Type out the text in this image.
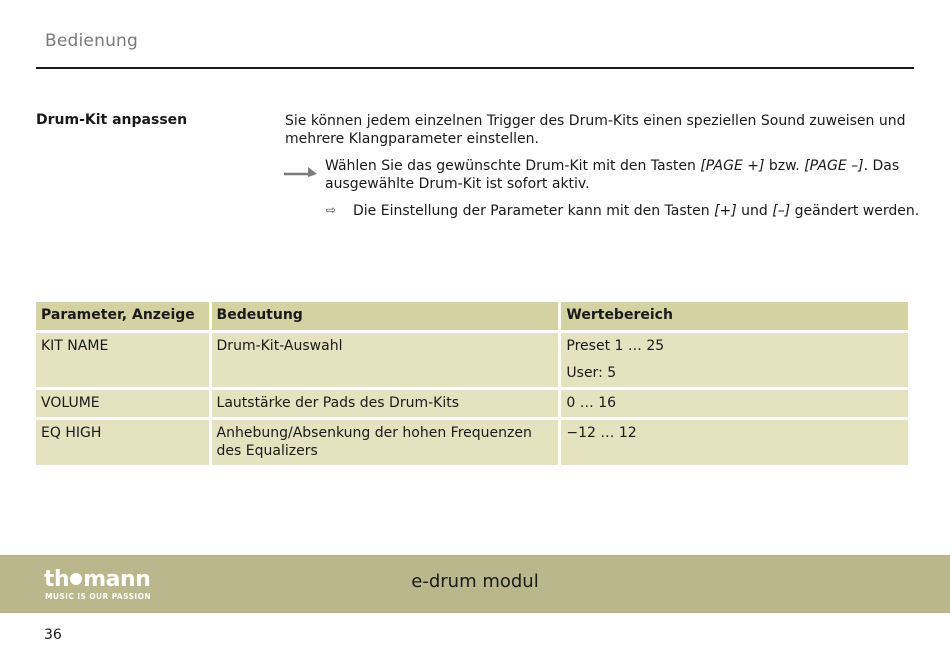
Bedienung
Drum-Kit anpassen	Sie können jedem einzelnen Trigger des Drum-Kits einen speziellen Sound zuweisen und mehrere Klangparameter einstellen.
Wählen Sie das gewünschte Drum-Kit mit den Tasten [PAGE +] bzw. [PAGE –]. Das ausgewählte Drum-Kit ist sofort aktiv.
⇨ Die Einstellung der Parameter kann mit den Tasten [+] und [–] geändert werden.
Parameter, Anzeige	Bedeutung	Wertebereich
KIT NAME	Drum-Kit-Auswahl	Preset 1 … 25
User: 5

VOLUME	Lautstärke der Pads des Drum-Kits	0 … 16

EQ HIGH	Anhebung/Absenkung der hohen Frequenzen des Equalizers	−12 … 12
th mann
MUSIC IS OUR PASSION
e-drum modul
36
